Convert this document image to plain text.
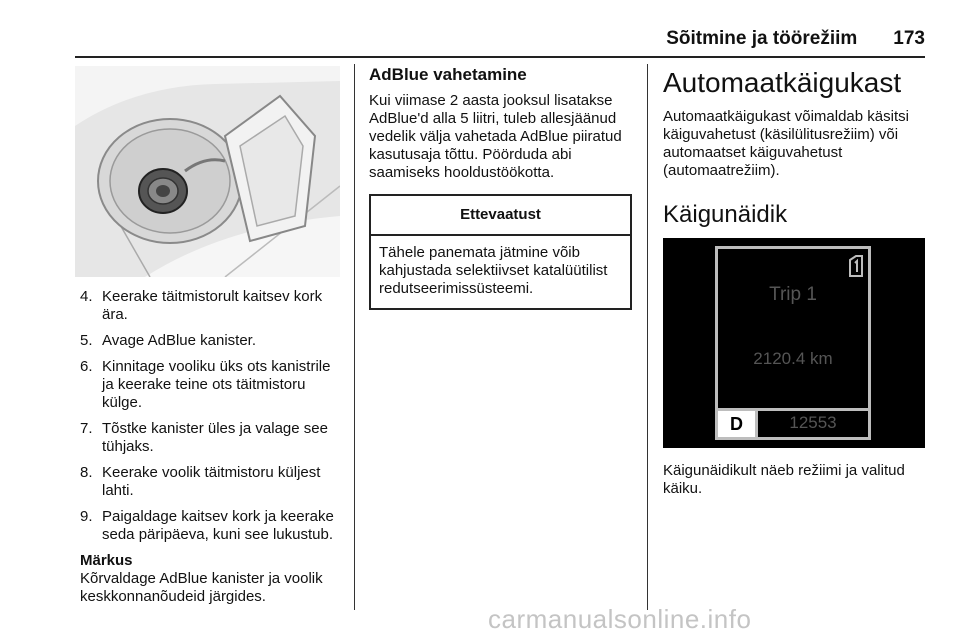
Sõitmine ja töörežiim 173
4. Keerake täitmistorult kaitsev kork ära.
5. Avage AdBlue kanister.
6. Kinnitage vooliku üks ots kanistrile ja keerake teine ots täitmistoru külge.
7. Tõstke kanister üles ja valage see tühjaks.
8. Keerake voolik täitmistoru küljest lahti.
9. Paigaldage kaitsev kork ja keerake seda päripäeva, kuni see lukustub.
Märkus
Kõrvaldage AdBlue kanister ja voolik keskkonnanõudeid järgides.
AdBlue vahetamine
Kui viimase 2 aasta jooksul lisatakse AdBlue'd alla 5 liitri, tuleb allesjäänud vedelik välja vahetada AdBlue piiratud kasutusaja tõttu. Pöörduda abi saamiseks hooldustöökotta.
Ettevaatust
Tähele panemata jätmine võib kahjustada selektiivset katalüütilist redutseerimissüsteemi.
Automaatkäigukast
Automaatkäigukast võimaldab käsitsi käiguvahetust (käsilülitusrežiim) või automaatset käiguvahetust (automaatrežiim).
Käigunäidik
Trip 1
2120.4 km
D	12553
Käigunäidikult näeb režiimi ja valitud käiku.
carmanualsonline.info
